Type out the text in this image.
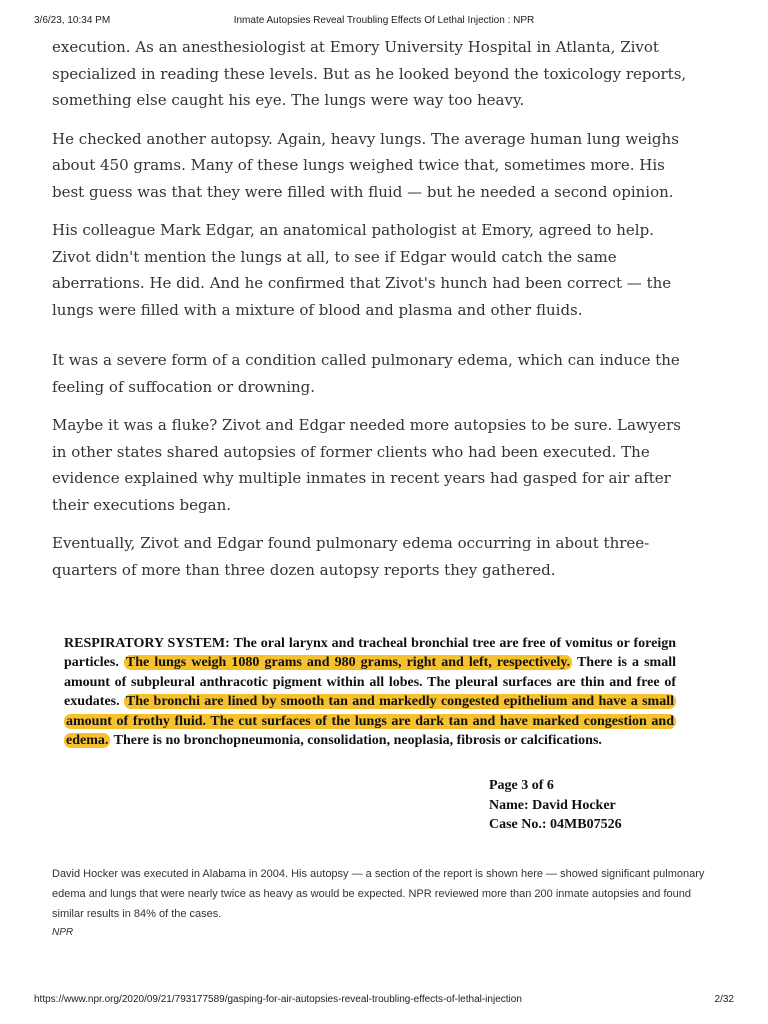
3/6/23, 10:34 PM	Inmate Autopsies Reveal Troubling Effects Of Lethal Injection : NPR

execution. As an anesthesiologist at Emory University Hospital in Atlanta, Zivot specialized in reading these levels. But as he looked beyond the toxicology reports, something else caught his eye. The lungs were way too heavy.

He checked another autopsy. Again, heavy lungs. The average human lung weighs about 450 grams. Many of these lungs weighed twice that, sometimes more. His best guess was that they were filled with fluid — but he needed a second opinion.

His colleague Mark Edgar, an anatomical pathologist at Emory, agreed to help. Zivot didn't mention the lungs at all, to see if Edgar would catch the same aberrations. He did. And he confirmed that Zivot's hunch had been correct — the lungs were filled with a mixture of blood and plasma and other fluids.

It was a severe form of a condition called pulmonary edema, which can induce the feeling of suffocation or drowning.

Maybe it was a fluke? Zivot and Edgar needed more autopsies to be sure. Lawyers in other states shared autopsies of former clients who had been executed. The evidence explained why multiple inmates in recent years had gasped for air after their executions began.

Eventually, Zivot and Edgar found pulmonary edema occurring in about three-quarters of more than three dozen autopsy reports they gathered.

RESPIRATORY SYSTEM: The oral larynx and tracheal bronchial tree are free of vomitus or foreign particles. The lungs weigh 1080 grams and 980 grams, right and left, respectively. There is a small amount of subpleural anthracotic pigment within all lobes. The pleural surfaces are thin and free of exudates. The bronchi are lined by smooth tan and markedly congested epithelium and have a small amount of frothy fluid. The cut surfaces of the lungs are dark tan and have marked congestion and edema. There is no bronchopneumonia, consolidation, neoplasia, fibrosis or calcifications.

Page 3 of 6
Name: David Hocker
Case No.: 04MB07526
David Hocker was executed in Alabama in 2004. His autopsy — a section of the report is shown here — showed significant pulmonary edema and lungs that were nearly twice as heavy as would be expected. NPR reviewed more than 200 inmate autopsies and found similar results in 84% of the cases.
NPR
https://www.npr.org/2020/09/21/793177589/gasping-for-air-autopsies-reveal-troubling-effects-of-lethal-injection	2/32
